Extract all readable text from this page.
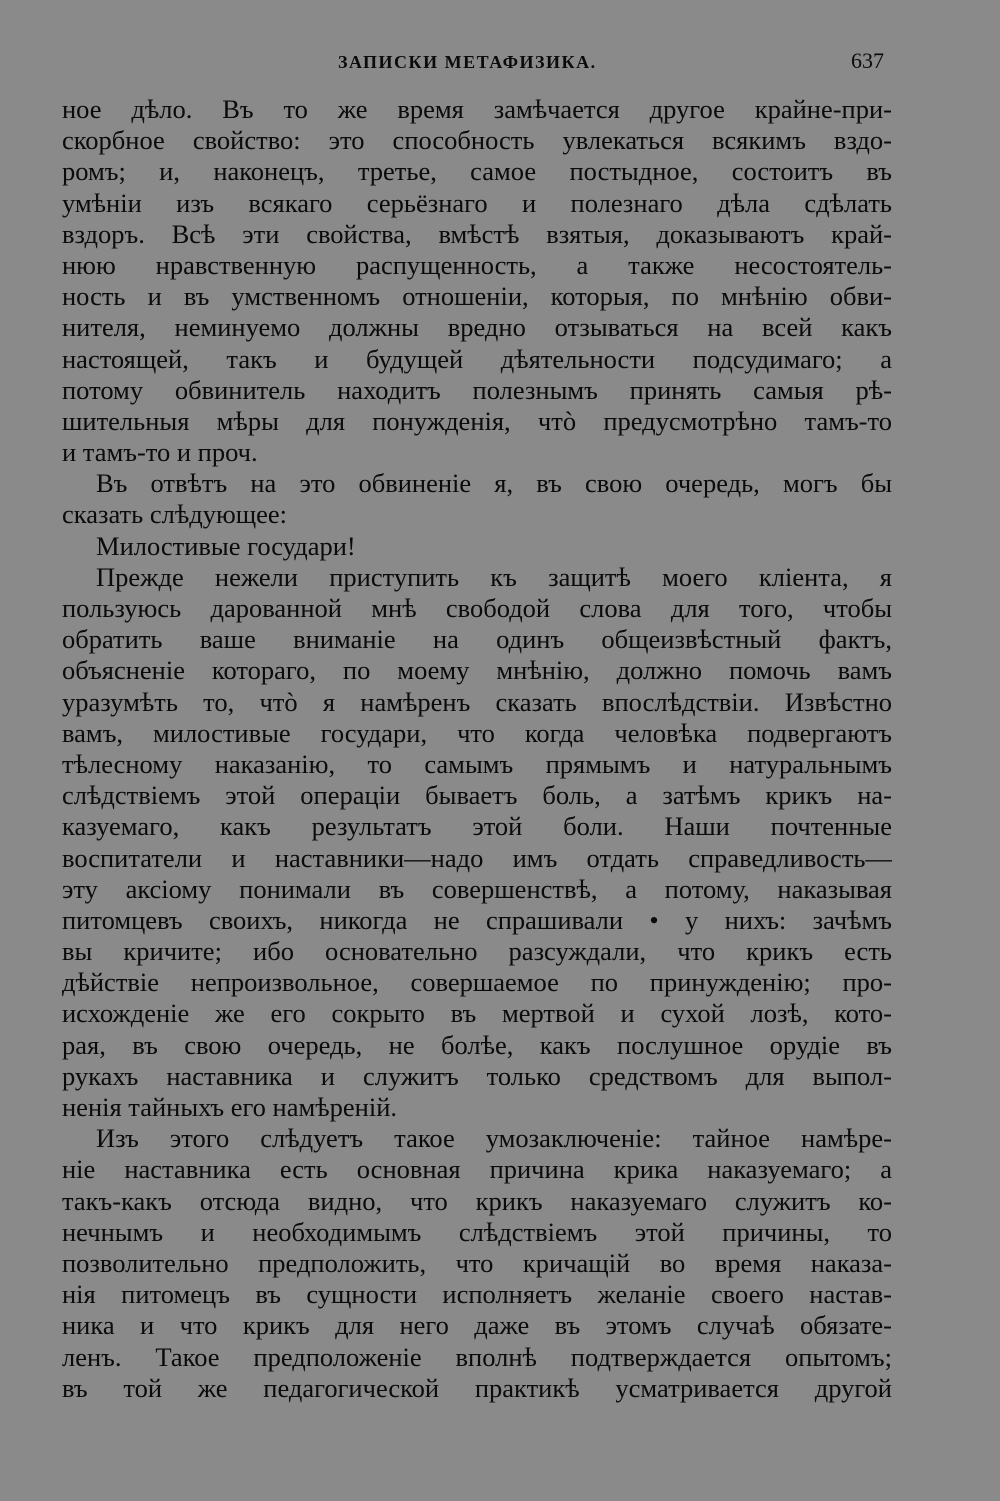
ЗАПИСКИ МЕТАФИЗИКА.	637
ное дѣло. Въ то же время замѣчается другое крайне-при-
скорбное свойство: это способность увлекаться всякимъ вздо-
ромъ; и, наконецъ, третье, самое постыдное, состоитъ въ
умѣніи изъ всякаго серьёзнаго и полезнаго дѣла сдѣлать
вздоръ. Всѣ эти свойства, вмѣстѣ взятыя, доказываютъ край-
нюю нравственную распущенность, а также несостоятель-
ность и въ умственномъ отношеніи, которыя, по мнѣнію обви-
нителя, неминуемо должны вредно отзываться на всей какъ
настоящей, такъ и будущей дѣятельности подсудимаго; а
потому обвинитель находитъ полезнымъ принять самыя рѣ-
шительныя мѣры для понужденія, чтò предусмотрѣно тамъ-то
и тамъ-то и проч.
Въ отвѣтъ на это обвиненіе я, въ свою очередь, могъ бы
сказать слѣдующее:
Милостивые государи!
Прежде нежели приступить къ защитѣ моего кліента, я
пользуюсь дарованной мнѣ свободой слова для того, чтобы
обратить ваше вниманіе на одинъ общеизвѣстный фактъ,
объясненіе котораго, по моему мнѣнію, должно помочь вамъ
уразумѣть то, чтò я намѣренъ сказать впослѣдствіи. Извѣстно
вамъ, милостивые государи, что когда человѣка подвергаютъ
тѣлесному наказанію, то самымъ прямымъ и натуральнымъ
слѣдствіемъ этой операціи бываетъ боль, а затѣмъ крикъ на-
казуемаго, какъ результатъ этой боли. Наши почтенные
воспитатели и наставники—надо имъ отдать справедливость—
эту аксіому понимали въ совершенствѣ, а потому, наказывая
питомцевъ своихъ, никогда не спрашивали • у нихъ: зачѣмъ
вы кричите; ибо основательно разсуждали, что крикъ есть
дѣйствіе непроизвольное, совершаемое по принужденію; про-
исхожденіе же его сокрыто въ мертвой и сухой лозѣ, кото-
рая, въ свою очередь, не болѣе, какъ послушное орудіе въ
рукахъ наставника и служитъ только средствомъ для выпол-
ненія тайныхъ его намѣреній.
Изъ этого слѣдуетъ такое умозаключеніе: тайное намѣре-
ніе наставника есть основная причина крика наказуемаго; а
такъ-какъ отсюда видно, что крикъ наказуемаго служитъ ко-
нечнымъ и необходимымъ слѣдствіемъ этой причины, то
позволительно предположить, что кричащій во время наказа-
нія питомецъ въ сущности исполняетъ желаніе своего настав-
ника и что крикъ для него даже въ этомъ случаѣ обязате-
ленъ. Такое предположеніе вполнѣ подтверждается опытомъ;
въ той же педагогической практикѣ усматривается другой
